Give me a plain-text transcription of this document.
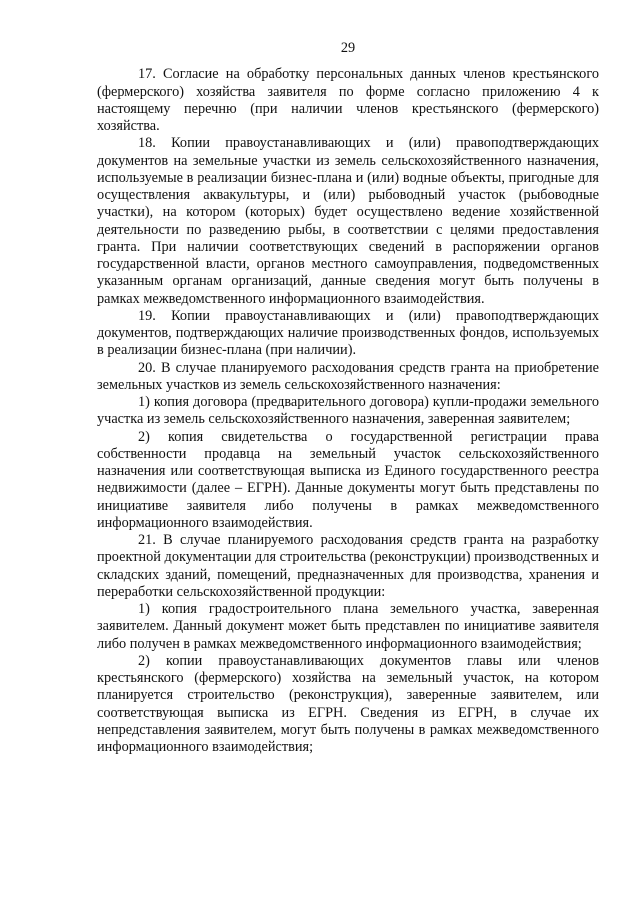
29

17. Согласие на обработку персональных данных членов крестьянского (фермерского) хозяйства заявителя по форме согласно приложению 4 к настоящему перечню (при наличии членов крестьянского (фермерского) хозяйства.

18. Копии правоустанавливающих и (или) правоподтверждающих документов на земельные участки из земель сельскохозяйственного назначения, используемые в реализации бизнес-плана и (или) водные объекты, пригодные для осуществления аквакультуры, и (или) рыбоводный участок (рыбоводные участки), на котором (которых) будет осуществлено ведение хозяйственной деятельности по разведению рыбы, в соответствии с целями предоставления гранта. При наличии соответствующих сведений в распоряжении органов государственной власти, органов местного самоуправления, подведомственных указанным органам организаций, данные сведения могут быть получены в рамках межведомственного информационного взаимодействия.

19. Копии правоустанавливающих и (или) правоподтверждающих документов, подтверждающих наличие производственных фондов, используемых в реализации бизнес-плана (при наличии).

20. В случае планируемого расходования средств гранта на приобретение земельных участков из земель сельскохозяйственного назначения:

1) копия договора (предварительного договора) купли-продажи земельного участка из земель сельскохозяйственного назначения, заверенная заявителем;

2) копия свидетельства о государственной регистрации права собственности продавца на земельный участок сельскохозяйственного назначения или соответствующая выписка из Единого государственного реестра недвижимости (далее – ЕГРН). Данные документы могут быть представлены по инициативе заявителя либо получены в рамках межведомственного информационного взаимодействия.

21. В случае планируемого расходования средств гранта на разработку проектной документации для строительства (реконструкции) производственных и складских зданий, помещений, предназначенных для производства, хранения и переработки сельскохозяйственной продукции:

1) копия градостроительного плана земельного участка, заверенная заявителем. Данный документ может быть представлен по инициативе заявителя либо получен в рамках межведомственного информационного взаимодействия;

2) копии правоустанавливающих документов главы или членов крестьянского (фермерского) хозяйства на земельный участок, на котором планируется строительство (реконструкция), заверенные заявителем, или соответствующая выписка из ЕГРН. Сведения из ЕГРН, в случае их непредставления заявителем, могут быть получены в рамках межведомственного информационного взаимодействия;
